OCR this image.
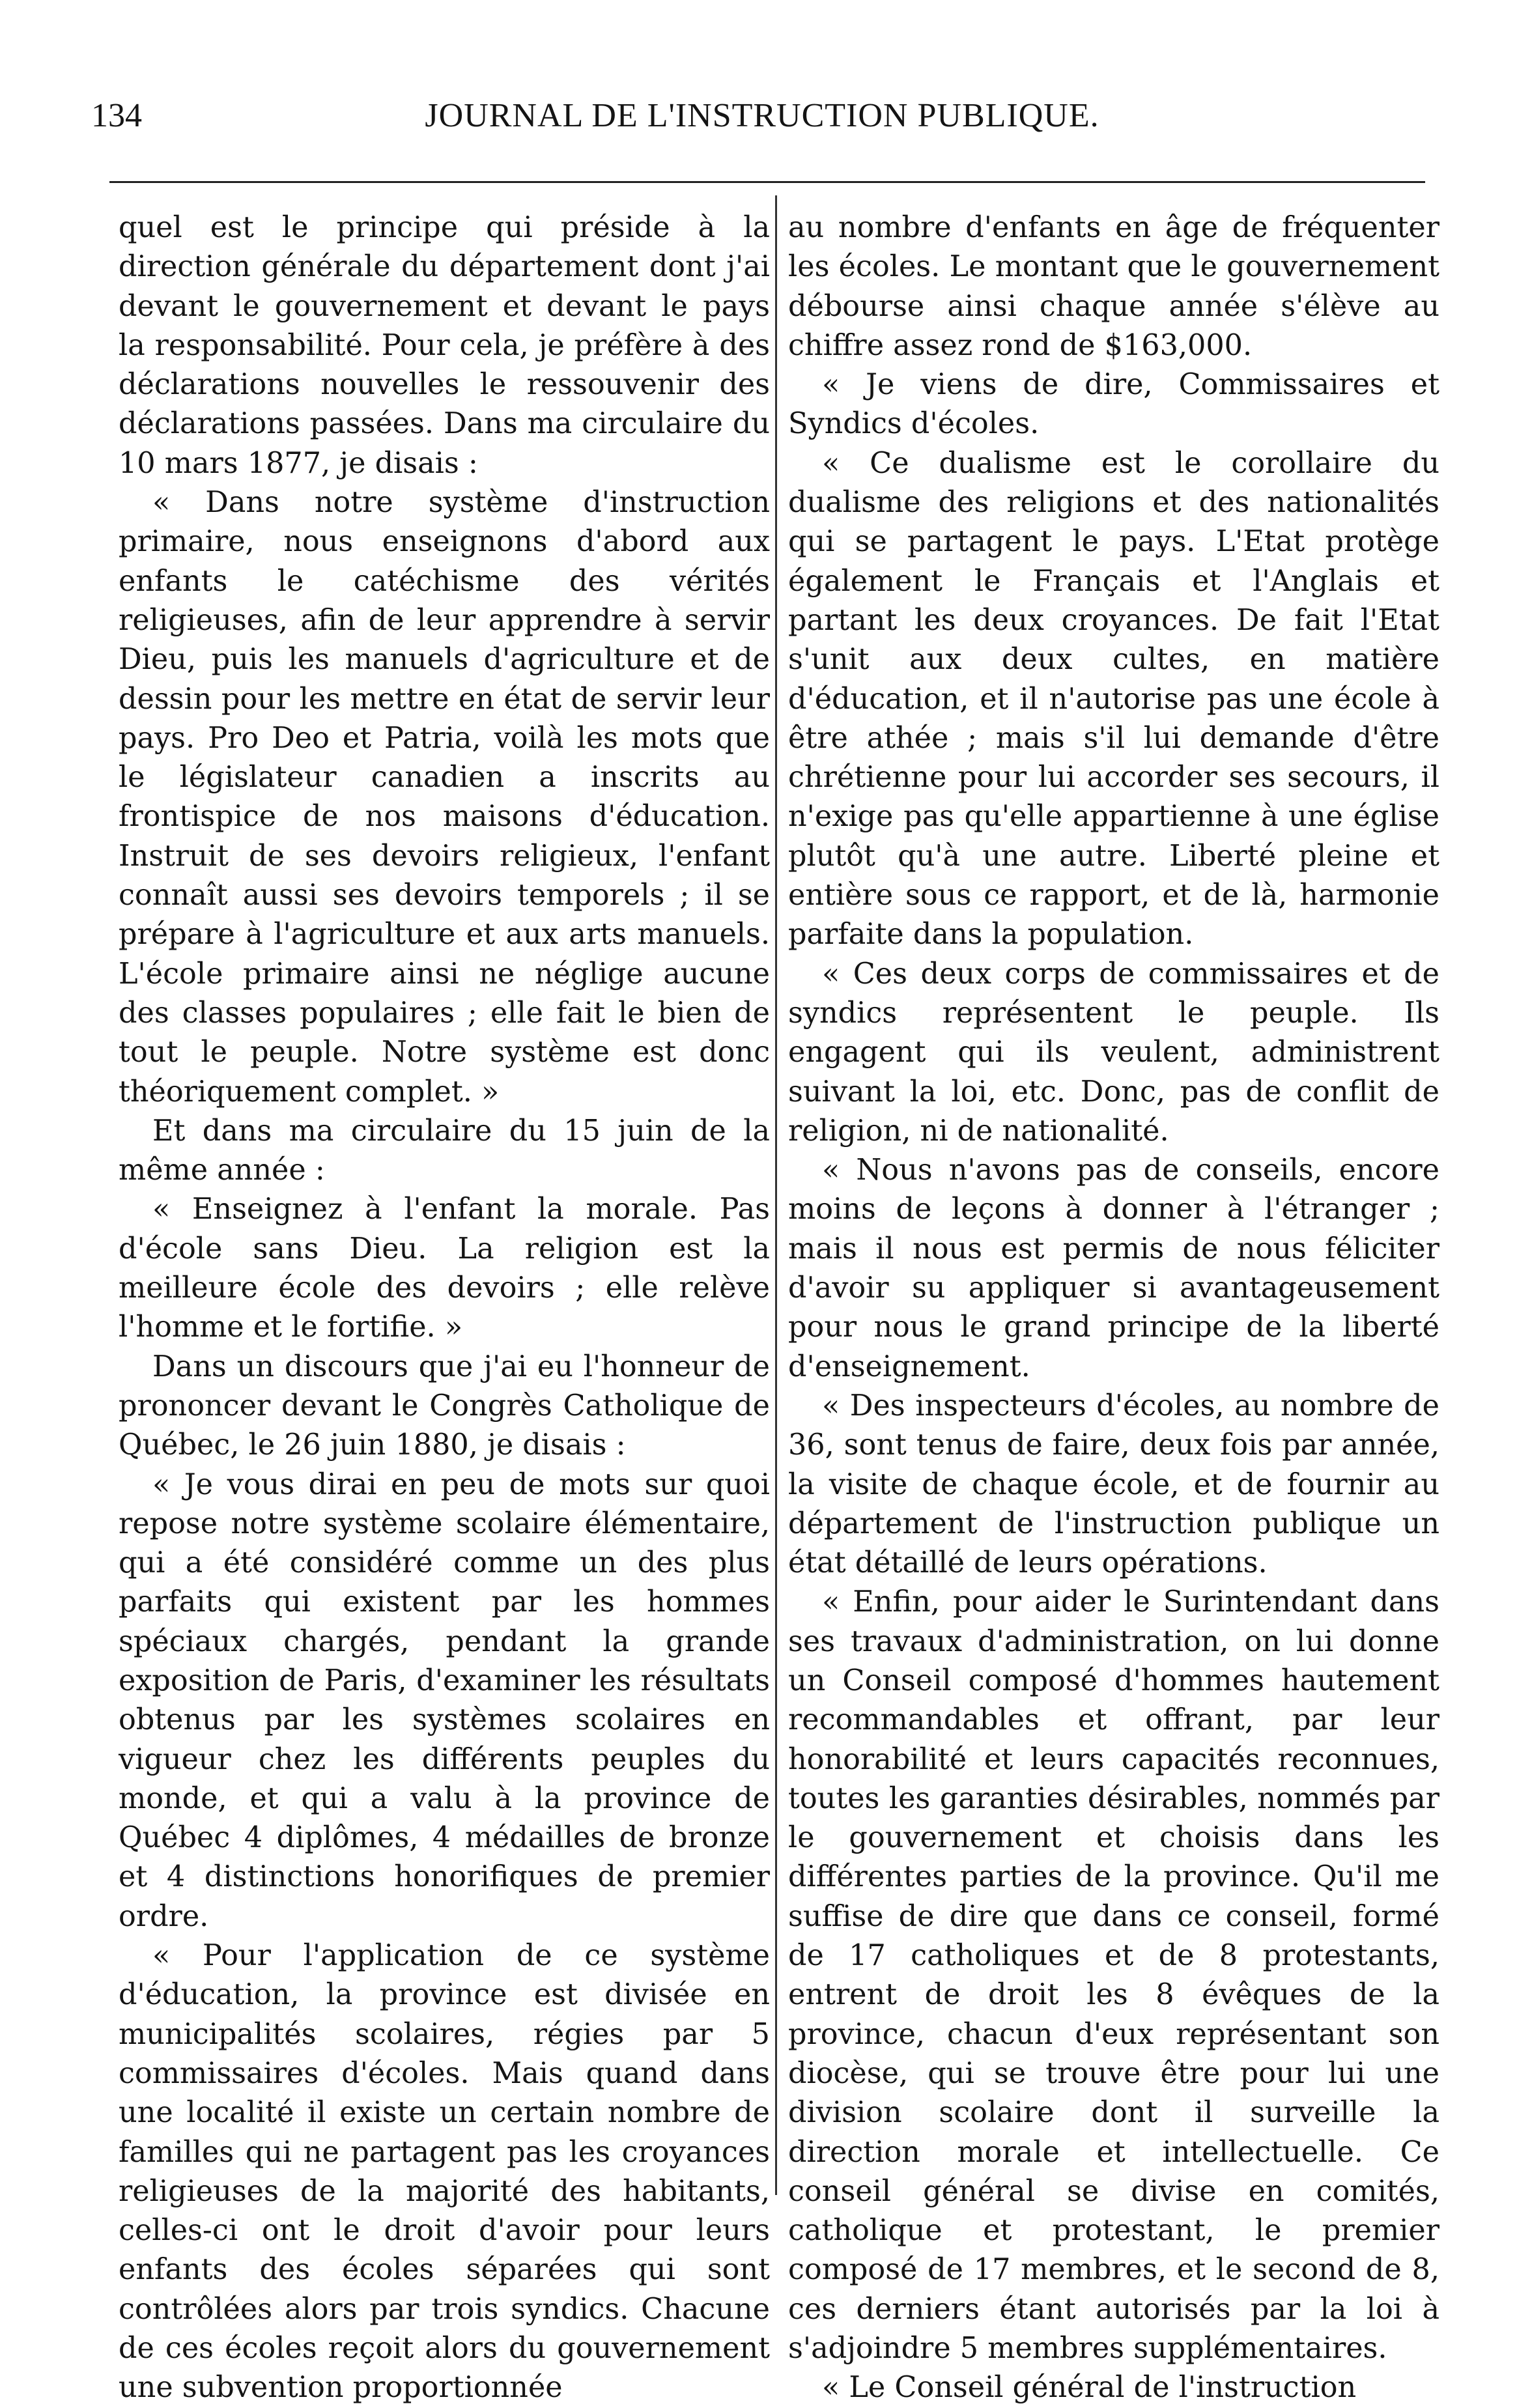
134	JOURNAL DE L'INSTRUCTION PUBLIQUE.

quel est le principe qui préside à la direction générale du département dont j'ai devant le gouvernement et devant le pays la responsabilité. Pour cela, je préfère à des déclarations nouvelles le ressouvenir des déclarations passées. Dans ma circulaire du 10 mars 1877, je disais :

« Dans notre système d'instruction primaire, nous enseignons d'abord aux enfants le catéchisme des vérités religieuses, afin de leur apprendre à servir Dieu, puis les manuels d'agriculture et de dessin pour les mettre en état de servir leur pays. Pro Deo et Patria, voilà les mots que le législateur canadien a inscrits au frontispice de nos maisons d'éducation. Instruit de ses devoirs religieux, l'enfant connaît aussi ses devoirs temporels ; il se prépare à l'agriculture et aux arts manuels. L'école primaire ainsi ne néglige aucune des classes populaires ; elle fait le bien de tout le peuple. Notre système est donc théoriquement complet. »

Et dans ma circulaire du 15 juin de la même année :

« Enseignez à l'enfant la morale. Pas d'école sans Dieu. La religion est la meilleure école des devoirs ; elle relève l'homme et le fortifie. »

Dans un discours que j'ai eu l'honneur de prononcer devant le Congrès Catholique de Québec, le 26 juin 1880, je disais :

« Je vous dirai en peu de mots sur quoi repose notre système scolaire élémentaire, qui a été considéré comme un des plus parfaits qui existent par les hommes spéciaux chargés, pendant la grande exposition de Paris, d'examiner les résultats obtenus par les systèmes scolaires en vigueur chez les différents peuples du monde, et qui a valu à la province de Québec 4 diplômes, 4 médailles de bronze et 4 distinctions honorifiques de premier ordre.

« Pour l'application de ce système d'éducation, la province est divisée en municipalités scolaires, régies par 5 commissaires d'écoles. Mais quand dans une localité il existe un certain nombre de familles qui ne partagent pas les croyances religieuses de la majorité des habitants, celles-ci ont le droit d'avoir pour leurs enfants des écoles séparées qui sont contrôlées alors par trois syndics. Chacune de ces écoles reçoit alors du gouvernement une subvention proportionnée

au nombre d'enfants en âge de fréquenter les écoles. Le montant que le gouvernement débourse ainsi chaque année s'élève au chiffre assez rond de $163,000.

« Je viens de dire, Commissaires et Syndics d'écoles.

« Ce dualisme est le corollaire du dualisme des religions et des nationalités qui se partagent le pays. L'Etat protège également le Français et l'Anglais et partant les deux croyances. De fait l'Etat s'unit aux deux cultes, en matière d'éducation, et il n'autorise pas une école à être athée ; mais s'il lui demande d'être chrétienne pour lui accorder ses secours, il n'exige pas qu'elle appartienne à une église plutôt qu'à une autre. Liberté pleine et entière sous ce rapport, et de là, harmonie parfaite dans la population.

« Ces deux corps de commissaires et de syndics représentent le peuple. Ils engagent qui ils veulent, administrent suivant la loi, etc. Donc, pas de conflit de religion, ni de nationalité.

« Nous n'avons pas de conseils, encore moins de leçons à donner à l'étranger ; mais il nous est permis de nous féliciter d'avoir su appliquer si avantageusement pour nous le grand principe de la liberté d'enseignement.

« Des inspecteurs d'écoles, au nombre de 36, sont tenus de faire, deux fois par année, la visite de chaque école, et de fournir au département de l'instruction publique un état détaillé de leurs opérations.

« Enfin, pour aider le Surintendant dans ses travaux d'administration, on lui donne un Conseil composé d'hommes hautement recommandables et offrant, par leur honorabilité et leurs capacités reconnues, toutes les garanties désirables, nommés par le gouvernement et choisis dans les différentes parties de la province. Qu'il me suffise de dire que dans ce conseil, formé de 17 catholiques et de 8 protestants, entrent de droit les 8 évêques de la province, chacun d'eux représentant son diocèse, qui se trouve être pour lui une division scolaire dont il surveille la direction morale et intellectuelle. Ce conseil général se divise en comités, catholique et protestant, le premier composé de 17 membres, et le second de 8, ces derniers étant autorisés par la loi à s'adjoindre 5 membres supplémentaires.

« Le Conseil général de l'instruction
